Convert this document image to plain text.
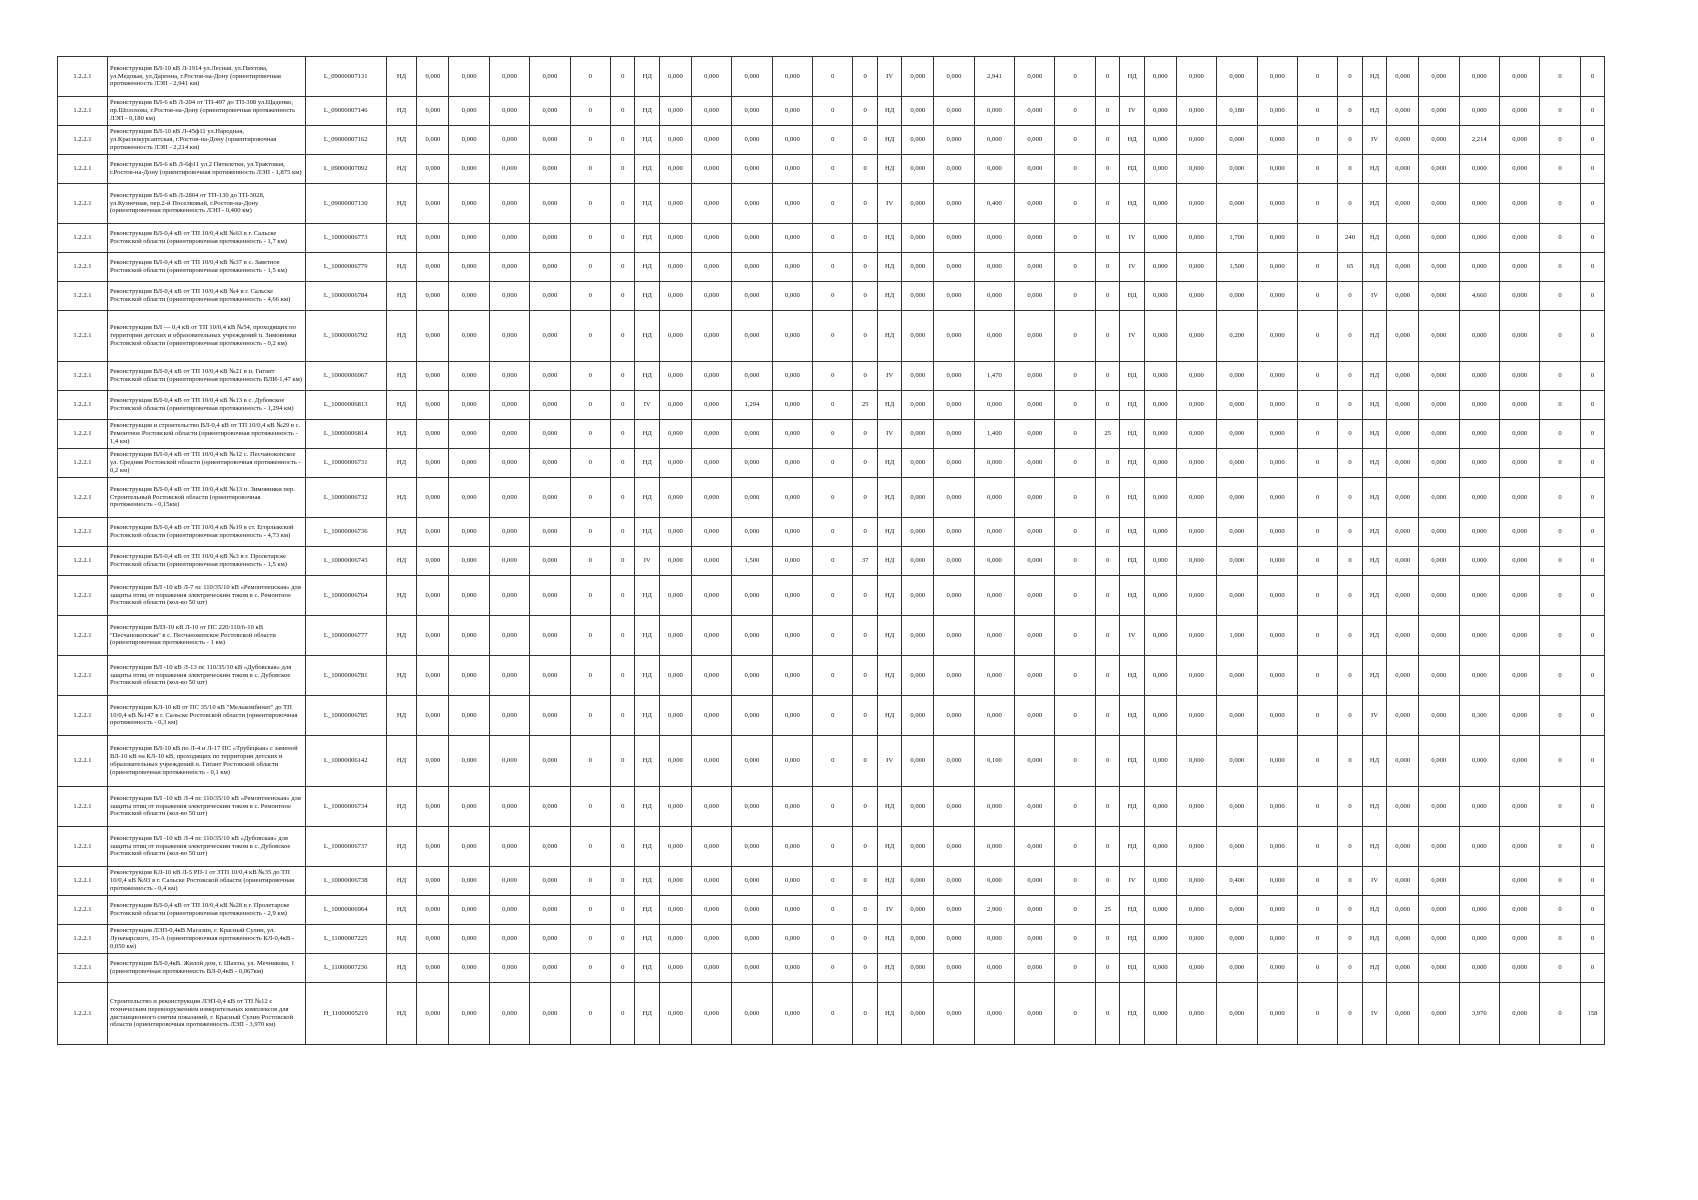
1.2.2.1	Реконструкция ВЛ-10 кВ Л-1914 ул.Лесная, ул.Пихтова, ул.Медовая, ул.Даренна, г.Ростов-на-Дону (ориентировочная протяженность ЛЭП - 2,941 км)	L_09000007131	НД	0,000	0,000	0,000	0,000	0	0	НД	0,000	0,000	0,000	0,000	0	0	IV	0,000	0,000	2,941	0,000	0	0	НД	0,000	0,000	0,000	0,000	0	0	НД	0,000	0,000	0,000	0,000	0	0
1.2.2.1	Реконструкция ВЛ-6 кВ Л-204 от ТП-497 до ТП-308 ул.Щаденко, пр.Шолохова, г.Ростов-на-Дону (ориентировочная протяженность ЛЭП - 0,180 км)	L_09000007146	НД	0,000	0,000	0,000	0,000	0	0	НД	0,000	0,000	0,000	0,000	0	0	НД	0,000	0,000	0,000	0,000	0	0	IV	0,000	0,000	0,180	0,000	0	0	НД	0,000	0,000	0,000	0,000	0	0
1.2.2.1	Реконструкция ВЛ-10 кВ Л-45ф11 ул.Народная, ул.Краснокурсантская, г.Ростов-на-Дону (ориентировочная протяженность ЛЭП - 2,214 км)	L_09000007162	НД	0,000	0,000	0,000	0,000	0	0	НД	0,000	0,000	0,000	0,000	0	0	НД	0,000	0,000	0,000	0,000	0	0	НД	0,000	0,000	0,000	0,000	0	0	IV	0,000	0,000	2,214	0,000	0	0
1.2.2.1	Реконструкция ВЛ-6 кВ Л-6ф11 ул.2 Пятилетки, ул.Трактовая, г.Ростов-на-Дону (ориентировочная протяженность ЛЭП - 1,875 км)	L_09000007092	НД	0,000	0,000	0,000	0,000	0	0	НД	0,000	0,000	0,000	0,000	0	0	НД	0,000	0,000	0,000	0,000	0	0	НД	0,000	0,000	0,000	0,000	0	0	НД	0,000	0,000	0,000	0,000	0	0
1.2.2.1	Реконструкция ВЛ-6 кВ Л-2804 от ТП-130 до ТП-3028, ул.Кузнечная, пер.2-й Поселковый, г.Ростов-на-Дону (ориентировочная протяженность ЛЭП - 0,400 км)	L_09000007130	НД	0,000	0,000	0,000	0,000	0	0	НД	0,000	0,000	0,000	0,000	0	0	IV	0,000	0,000	0,400	0,000	0	0	НД	0,000	0,000	0,000	0,000	0	0	НД	0,000	0,000	0,000	0,000	0	0
1.2.2.1	Реконструкция ВЛ-0,4 кВ от ТП 10/0,4 кВ №63 в г. Сальске Ростовской области (ориентировочная протяженность - 1,7 км)	L_10000006773	НД	0,000	0,000	0,000	0,000	0	0	НД	0,000	0,000	0,000	0,000	0	0	НД	0,000	0,000	0,000	0,000	0	0	IV	0,000	0,000	1,700	0,000	0	240	НД	0,000	0,000	0,000	0,000	0	0
1.2.2.1	Реконструкция ВЛ-0,4 кВ от ТП 10/0,4 кВ №37 в с. Заветное Ростовской области (ориентировочная протяженность - 1,5 км)	L_10000006779	НД	0,000	0,000	0,000	0,000	0	0	НД	0,000	0,000	0,000	0,000	0	0	НД	0,000	0,000	0,000	0,000	0	0	IV	0,000	0,000	1,500	0,000	0	65	НД	0,000	0,000	0,000	0,000	0	0
1.2.2.1	Реконструкция ВЛ-0,4 кВ от ТП 10/0,4 кВ №4 в г. Сальске Ростовской области (ориентировочная протяженность - 4,66 км)	L_10000006784	НД	0,000	0,000	0,000	0,000	0	0	НД	0,000	0,000	0,000	0,000	0	0	НД	0,000	0,000	0,000	0,000	0	0	НД	0,000	0,000	0,000	0,000	0	0	IV	0,000	0,000	4,660	0,000	0	0
1.2.2.1	Реконструкция ВЛ — 0,4 кВ от ТП 10/0,4 кВ №54, проходящих по территории детских и образовательных учреждений п. Зимовники Ростовской области (ориентировочная протяженность - 0,2 км)	L_10000006792	НД	0,000	0,000	0,000	0,000	0	0	НД	0,000	0,000	0,000	0,000	0	0	НД	0,000	0,000	0,000	0,000	0	0	IV	0,000	0,000	0,200	0,000	0	0	НД	0,000	0,000	0,000	0,000	0	0
1.2.2.1	Реконструкция ВЛ-0,4 кВ от ТП 10/0,4 кВ №21 в п. Гигант Ростовской области (ориентировочная протяженность ВЛИ-1,47 км)	L_10000006967	НД	0,000	0,000	0,000	0,000	0	0	НД	0,000	0,000	0,000	0,000	0	0	IV	0,000	0,000	1,470	0,000	0	0	НД	0,000	0,000	0,000	0,000	0	0	НД	0,000	0,000	0,000	0,000	0	0
1.2.2.1	Реконструкция ВЛ-0,4 кВ от ТП 10/0,4 кВ №13 в с. Дубовское Ростовской области (ориентировочная протяженность - 1,294 км)	L_10000006813	НД	0,000	0,000	0,000	0,000	0	0	IV	0,000	0,000	1,294	0,000	0	25	НД	0,000	0,000	0,000	0,000	0	0	НД	0,000	0,000	0,000	0,000	0	0	НД	0,000	0,000	0,000	0,000	0	0
1.2.2.1	Реконструкция и строительство ВЛ-0,4 кВ от ТП 10/0,4 кВ №29 в с. Ремонтное Ростовской области (ориентировочная протяженность - 1,4 км)	L_10000006814	НД	0,000	0,000	0,000	0,000	0	0	НД	0,000	0,000	0,000	0,000	0	0	IV	0,000	0,000	1,400	0,000	0	25	НД	0,000	0,000	0,000	0,000	0	0	НД	0,000	0,000	0,000	0,000	0	0
1.2.2.1	Реконструкция ВЛ-0,4 кВ от ТП 10/0,4 кВ №12 с. Песчанокопское ул. Средняя Ростовской области (ориентировочная протяженность - 0,2 км)	L_10000006731	НД	0,000	0,000	0,000	0,000	0	0	НД	0,000	0,000	0,000	0,000	0	0	НД	0,000	0,000	0,000	0,000	0	0	НД	0,000	0,000	0,000	0,000	0	0	НД	0,000	0,000	0,000	0,000	0	0
1.2.2.1	Реконструкция ВЛ-0,4 кВ от ТП 10/0,4 кВ №13 п. Зимовники пер. Строительный Ростовской области (ориентировочная протяженность - 0,15км)	L_10000006732	НД	0,000	0,000	0,000	0,000	0	0	НД	0,000	0,000	0,000	0,000	0	0	НД	0,000	0,000	0,000	0,000	0	0	НД	0,000	0,000	0,000	0,000	0	0	НД	0,000	0,000	0,000	0,000	0	0
1.2.2.1	Реконструкция ВЛ-0,4 кВ от ТП 10/0,4 кВ №19 в ст. Егорлыкской Ростовской области (ориентировочная протяженность - 4,73 км)	L_10000006736	НД	0,000	0,000	0,000	0,000	0	0	НД	0,000	0,000	0,000	0,000	0	0	НД	0,000	0,000	0,000	0,000	0	0	НД	0,000	0,000	0,000	0,000	0	0	НД	0,000	0,000	0,000	0,000	0	0
1.2.2.1	Реконструкция ВЛ-0,4 кВ от ТП 10/0,4 кВ №3 в г. Пролетарске Ростовской области (ориентировочная протяженность - 1,5 км)	L_10000006743	НД	0,000	0,000	0,000	0,000	0	0	IV	0,000	0,000	1,500	0,000	0	37	НД	0,000	0,000	0,000	0,000	0	0	НД	0,000	0,000	0,000	0,000	0	0	НД	0,000	0,000	0,000	0,000	0	0
1.2.2.1	Реконструкция ВЛ -10 кВ Л-7 пс 110/35/10 кВ «Ремонтненская» для защиты птиц от поражения электрическим током в с. Ремонтное Ростовской области (кол-во 50 шт)	L_10000006764	НД	0,000	0,000	0,000	0,000	0	0	НД	0,000	0,000	0,000	0,000	0	0	НД	0,000	0,000	0,000	0,000	0	0	НД	0,000	0,000	0,000	0,000	0	0	НД	0,000	0,000	0,000	0,000	0	0
1.2.2.1	Реконструкция ВЛЗ-10 кВ Л-10 от ПС 220/110/6-10 кВ "Песчанокопская" в с. Песчанокопское Ростовской области (ориентировочная протяженность - 1 км)	L_10000006777	НД	0,000	0,000	0,000	0,000	0	0	НД	0,000	0,000	0,000	0,000	0	0	НД	0,000	0,000	0,000	0,000	0	0	IV	0,000	0,000	1,000	0,000	0	0	НД	0,000	0,000	0,000	0,000	0	0
1.2.2.1	Реконструкция ВЛ -10 кВ Л-13 пс 110/35/10 кВ «Дубовская» для защиты птиц от поражения электрическим током в с. Дубовское Ростовской области (кол-во 50 шт)	L_10000006781	НД	0,000	0,000	0,000	0,000	0	0	НД	0,000	0,000	0,000	0,000	0	0	НД	0,000	0,000	0,000	0,000	0	0	НД	0,000	0,000	0,000	0,000	0	0	НД	0,000	0,000	0,000	0,000	0	0
1.2.2.1	Реконструкция КЛ-10 кВ от ПС 35/10 кВ "Мелькомбинат" до ТП 10/0,4 кВ №147 в г. Сальске Ростовской области (ориентировочная протяженность - 0,3 км)	L_10000006785	НД	0,000	0,000	0,000	0,000	0	0	НД	0,000	0,000	0,000	0,000	0	0	НД	0,000	0,000	0,000	0,000	0	0	НД	0,000	0,000	0,000	0,000	0	0	IV	0,000	0,000	0,300	0,000	0	0
1.2.2.1	Реконструкция ВЛ-10 кВ по Л-4 и Л-17 ПС «Трубецкая» с заменой ВЛ-10 кВ на КЛ-10 кВ, проходящих по территории детских и образовательных учреждений п. Гигант Ростовской области (ориентировочная протяженность - 0,1 км)	L_10000006142	НД	0,000	0,000	0,000	0,000	0	0	НД	0,000	0,000	0,000	0,000	0	0	IV	0,000	0,000	0,100	0,000	0	0	НД	0,000	0,000	0,000	0,000	0	0	НД	0,000	0,000	0,000	0,000	0	0
1.2.2.1	Реконструкция ВЛ -10 кВ Л-4 пс 110/35/10 кВ «Ремонтненская» для защиты птиц от поражения электрическим током в с. Ремонтное Ростовской области (кол-во 50 шт)	L_10000006734	НД	0,000	0,000	0,000	0,000	0	0	НД	0,000	0,000	0,000	0,000	0	0	НД	0,000	0,000	0,000	0,000	0	0	НД	0,000	0,000	0,000	0,000	0	0	НД	0,000	0,000	0,000	0,000	0	0
1.2.2.1	Реконструкция ВЛ -10 кВ Л-4 пс 110/35/10 кВ «Дубовская» для защиты птиц от поражения электрическим током в с. Дубовское Ростовской области (кол-во 50 шт)	L_10000006737	НД	0,000	0,000	0,000	0,000	0	0	НД	0,000	0,000	0,000	0,000	0	0	НД	0,000	0,000	0,000	0,000	0	0	НД	0,000	0,000	0,000	0,000	0	0	НД	0,000	0,000	0,000	0,000	0	0
1.2.2.1	Реконструкция КЛ-10 кВ Л-5 РП-1 от ЗТП 10/0,4 кВ №35 до ТП 10/0,4 кВ №93 в г. Сальске Ростовской области (ориентировочная протяженность - 0,4 км)	L_10000006738	НД	0,000	0,000	0,000	0,000	0	0	НД	0,000	0,000	0,000	0,000	0	0	НД	0,000	0,000	0,000	0,000	0	0	IV	0,000	0,000	0,400	0,000	0	0	IV	0,000	0,000		0,000	0	0
1.2.2.1	Реконструкция ВЛ-0,4 кВ от ТП 10/0,4 кВ №28 в г. Пролетарске Ростовской области (ориентировочная протяженность - 2,9 км)	L_10000006964	НД	0,000	0,000	0,000	0,000	0	0	НД	0,000	0,000	0,000	0,000	0	0	IV	0,000	0,000	2,900	0,000	0	25	НД	0,000	0,000	0,000	0,000	0	0	НД	0,000	0,000	0,000	0,000	0	0
1.2.2.1	Реконструкция ЛЭП-0,4кВ Магазин, г. Красный Сулин, ул. Луначарского, 15-А (ориентировочная протяженность КЛ-0,4кВ - 0,050 км)	L_11000007225	НД	0,000	0,000	0,000	0,000	0	0	НД	0,000	0,000	0,000	0,000	0	0	НД	0,000	0,000	0,000	0,000	0	0	НД	0,000	0,000	0,000	0,000	0	0	НД	0,000	0,000	0,000	0,000	0	0
1.2.2.1	Реконструкция ВЛ-0,4кВ. Жилой дом, г. Шахты, ул. Мечникова, 1 (ориентировочная протяженность ВЛ-0,4кВ - 0,067км)	L_11000007236	НД	0,000	0,000	0,000	0,000	0	0	НД	0,000	0,000	0,000	0,000	0	0	НД	0,000	0,000	0,000	0,000	0	0	НД	0,000	0,000	0,000	0,000	0	0	НД	0,000	0,000	0,000	0,000	0	0
1.2.2.1	Строительство и реконструкция ЛЭП-0,4 кВ от ТП №12 с техническим перевооружением измерительных комплексов для дистанционного снятия показаний, г. Красный Сулин Ростовской области (ориентировочная протяженность ЛЭП - 3,970 км)	H_11000005219	НД	0,000	0,000	0,000	0,000	0	0	НД	0,000	0,000	0,000	0,000	0	0	НД	0,000	0,000	0,000	0,000	0	0	НД	0,000	0,000	0,000	0,000	0	0	IV	0,000	0,000	3,970	0,000	0	158
